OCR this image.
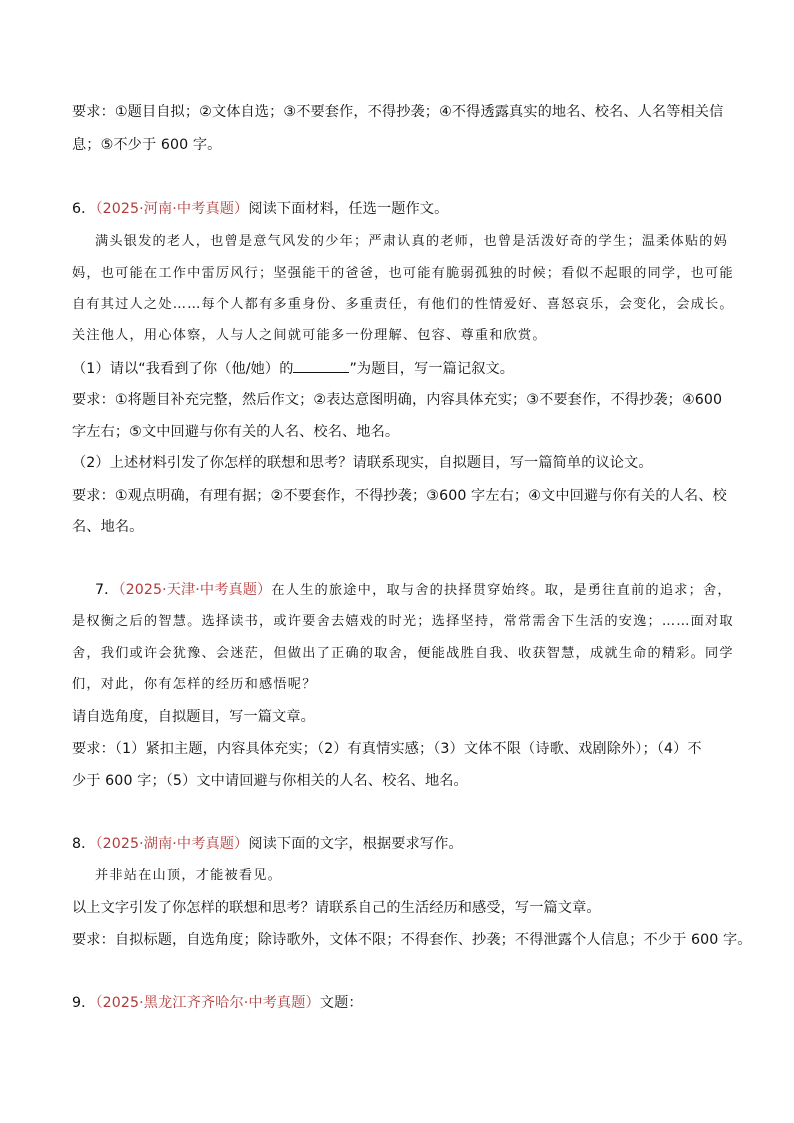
要求：①题目自拟；②文体自选；③不要套作，不得抄袭；④不得透露真实的地名、校名、人名等相关信
息；⑤不少于 600 字。
6．（2025·河南·中考真题）阅读下面材料，任选一题作文。
满头银发的老人，也曾是意气风发的少年；严肃认真的老师，也曾是活泼好奇的学生；温柔体贴的妈
妈，也可能在工作中雷厉风行；坚强能干的爸爸，也可能有脆弱孤独的时候；看似不起眼的同学，也可能
自有其过人之处……每个人都有多重身份、多重责任，有他们的性情爱好、喜怒哀乐，会变化，会成长。
关注他人，用心体察，人与人之间就可能多一份理解、包容、尊重和欣赏。
（1）请以“我看到了你（他/她）的	”为题目，写一篇记叙文。
要求：①将题目补充完整，然后作文；②表达意图明确，内容具体充实；③不要套作，不得抄袭；④600
字左右；⑤文中回避与你有关的人名、校名、地名。
（2）上述材料引发了你怎样的联想和思考？请联系现实，自拟题目，写一篇简单的议论文。
要求：①观点明确，有理有据；②不要套作，不得抄袭；③600 字左右；④文中回避与你有关的人名、校
名、地名。
7．（2025·天津·中考真题）在人生的旅途中，取与舍的抉择贯穿始终。取，是勇往直前的追求；舍，
是权衡之后的智慧。选择读书，或许要舍去嬉戏的时光；选择坚持，常常需舍下生活的安逸；……面对取
舍，我们或许会犹豫、会迷茫，但做出了正确的取舍，便能战胜自我、收获智慧，成就生命的精彩。同学
们，对此，你有怎样的经历和感悟呢？
请自选角度，自拟题目，写一篇文章。
要求：（1）紧扣主题，内容具体充实；（2）有真情实感；（3）文体不限（诗歌、戏剧除外）；（4）不
少于 600 字；（5）文中请回避与你相关的人名、校名、地名。
8．（2025·湖南·中考真题）阅读下面的文字，根据要求写作。
并非站在山顶，才能被看见。
以上文字引发了你怎样的联想和思考？请联系自己的生活经历和感受，写一篇文章。
要求：自拟标题，自选角度；除诗歌外，文体不限；不得套作、抄袭；不得泄露个人信息；不少于 600 字。
9．（2025·黑龙江齐齐哈尔·中考真题）文题：
